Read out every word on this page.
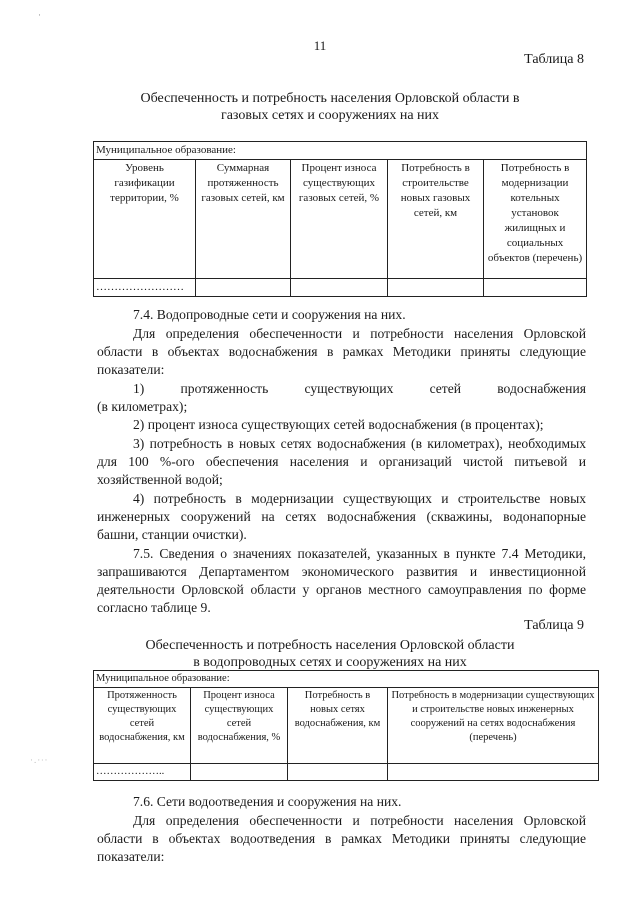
·
11
Таблица 8
Обеспеченность и потребность населения Орловской области в
газовых сетях и сооружениях на них
Муниципальное образование:				
Уровень газификации территории, %	Суммарная протяженность газовых сетей, км	Процент износа существующих газовых сетей, %	Потребность в строительстве новых газовых сетей, км	Потребность в модернизации котельных установок жилищных и социальных объектов (перечень)
……………………				
7.4. Водопроводные сети и сооружения на них.
Для определения обеспеченности и потребности населения Орловской области в объектах водоснабжения в рамках Методики приняты следующие показатели:
1)	протяженность	существующих	сетей	водоснабжения
(в километрах);
2) процент износа существующих сетей водоснабжения (в процентах);
3) потребность в новых сетях водоснабжения (в километрах), необходимых для 100 %-ого обеспечения населения и организаций чистой питьевой и хозяйственной водой;
4) потребность в модернизации существующих и строительстве новых инженерных сооружений на сетях водоснабжения (скважины, водонапорные башни, станции очистки).
7.5. Сведения о значениях показателей, указанных в пункте 7.4 Методики, запрашиваются Департаментом экономического развития и инвестиционной деятельности Орловской области у органов местного самоуправления по форме согласно таблице 9.
Таблица 9
Обеспеченность и потребность населения Орловской области
в водопроводных сетях и сооружениях на них
Муниципальное образование:			
Протяженность существующих сетей водоснабжения, км	Процент износа существующих сетей водоснабжения, %	Потребность в новых сетях водоснабжения, км	Потребность в модернизации существующих и строительстве новых инженерных сооружений на сетях водоснабжения (перечень)
………………..			
·.·∙·
7.6. Сети водоотведения и сооружения на них.
Для определения обеспеченности и потребности населения Орловской области в объектах водоотведения в рамках Методики приняты следующие показатели:
